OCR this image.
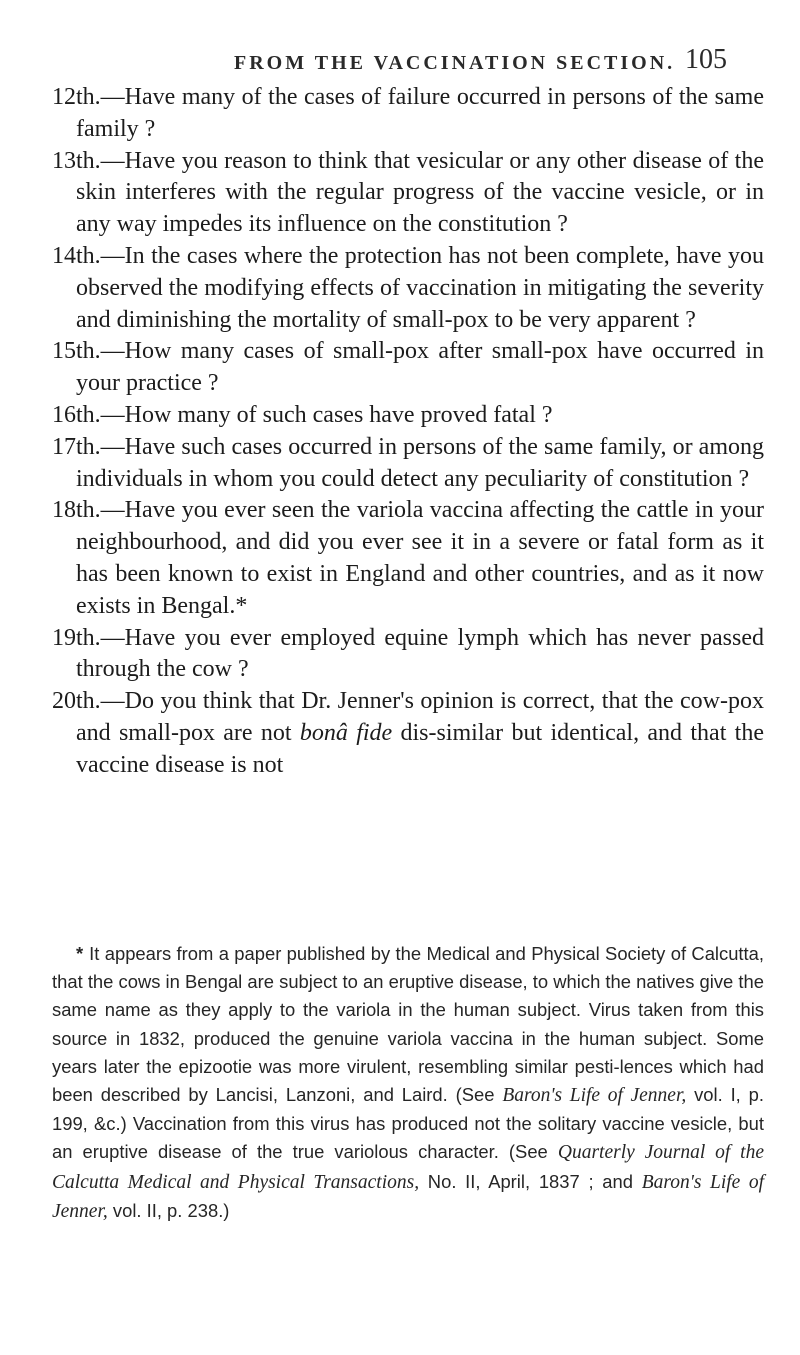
FROM THE VACCINATION SECTION. 105

12th.—Have many of the cases of failure occurred in persons of the same family ?

13th.—Have you reason to think that vesicular or any other disease of the skin interferes with the regular progress of the vaccine vesicle, or in any way impedes its influence on the constitution ?

14th.—In the cases where the protection has not been complete, have you observed the modifying effects of vaccination in mitigating the severity and diminishing the mortality of small-pox to be very apparent ?

15th.—How many cases of small-pox after small-pox have occurred in your practice ?

16th.—How many of such cases have proved fatal ?

17th.—Have such cases occurred in persons of the same family, or among individuals in whom you could detect any peculiarity of constitution ?

18th.—Have you ever seen the variola vaccina affecting the cattle in your neighbourhood, and did you ever see it in a severe or fatal form as it has been known to exist in England and other countries, and as it now exists in Bengal.*

19th.—Have you ever employed equine lymph which has never passed through the cow ?

20th.—Do you think that Dr. Jenner's opinion is correct, that the cow-pox and small-pox are not bonâ fide dis-similar but identical, and that the vaccine disease is not

* It appears from a paper published by the Medical and Physical Society of Calcutta, that the cows in Bengal are subject to an eruptive disease, to which the natives give the same name as they apply to the variola in the human subject. Virus taken from this source in 1832, produced the genuine variola vaccina in the human subject. Some years later the epizootie was more virulent, resembling similar pesti-lences which had been described by Lancisi, Lanzoni, and Laird. (See Baron's Life of Jenner, vol. I, p. 199, &c.) Vaccination from this virus has produced not the solitary vaccine vesicle, but an eruptive disease of the true variolous character. (See Quarterly Journal of the Calcutta Medical and Physical Transactions, No. II, April, 1837 ; and Baron's Life of Jenner, vol. II, p. 238.)
